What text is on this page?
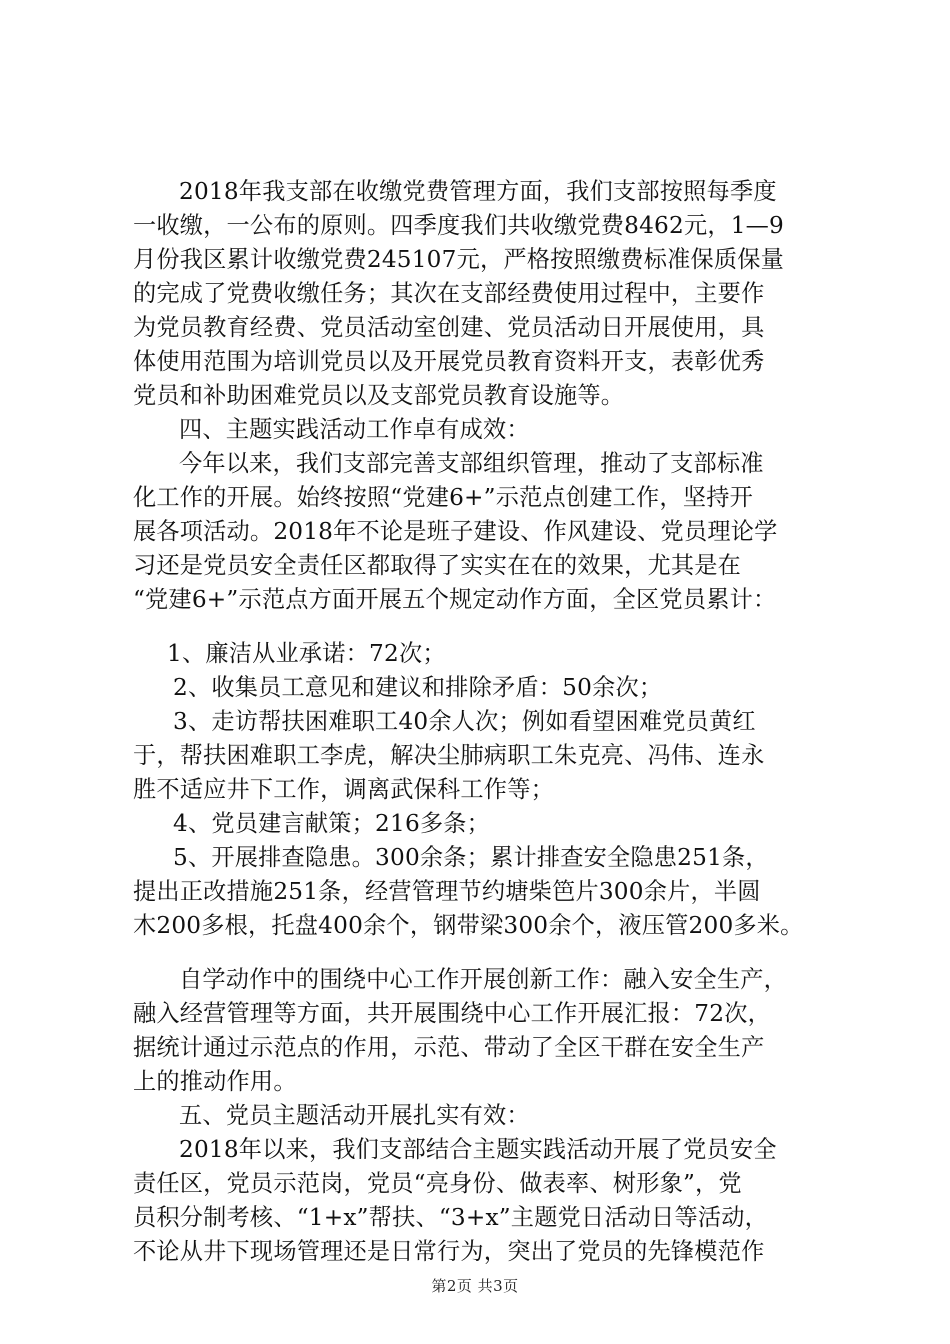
2018年我支部在收缴党费管理方面，我们支部按照每季度
一收缴，一公布的原则。四季度我们共收缴党费8462元，1—9
月份我区累计收缴党费245107元，严格按照缴费标准保质保量
的完成了党费收缴任务；其次在支部经费使用过程中，主要作
为党员教育经费、党员活动室创建、党员活动日开展使用，具
体使用范围为培训党员以及开展党员教育资料开支，表彰优秀
党员和补助困难党员以及支部党员教育设施等。
四、主题实践活动工作卓有成效：
今年以来，我们支部完善支部组织管理，推动了支部标准
化工作的开展。始终按照“党建6+”示范点创建工作，坚持开
展各项活动。2018年不论是班子建设、作风建设、党员理论学
习还是党员安全责任区都取得了实实在在的效果，尤其是在
“党建6+”示范点方面开展五个规定动作方面，全区党员累计：
1、廉洁从业承诺：72次；
2、收集员工意见和建议和排除矛盾：50余次；
3、走访帮扶困难职工40余人次；例如看望困难党员黄红
于，帮扶困难职工李虎，解决尘肺病职工朱克亮、冯伟、连永
胜不适应井下工作，调离武保科工作等；
4、党员建言献策；216多条；
5、开展排查隐患。300余条；累计排查安全隐患251条，
提出正改措施251条，经营管理节约塘柴笆片300余片，半圆
木200多根，托盘400余个，钢带梁300余个，液压管200多米。
自学动作中的围绕中心工作开展创新工作：融入安全生产，
融入经营管理等方面，共开展围绕中心工作开展汇报：72次，
据统计通过示范点的作用，示范、带动了全区干群在安全生产
上的推动作用。
五、党员主题活动开展扎实有效：
2018年以来，我们支部结合主题实践活动开展了党员安全
责任区，党员示范岗，党员“亮身份、做表率、树形象”，党
员积分制考核、“1+x”帮扶、“3+x”主题党日活动日等活动，
不论从井下现场管理还是日常行为，突出了党员的先锋模范作
第2页 共3页
